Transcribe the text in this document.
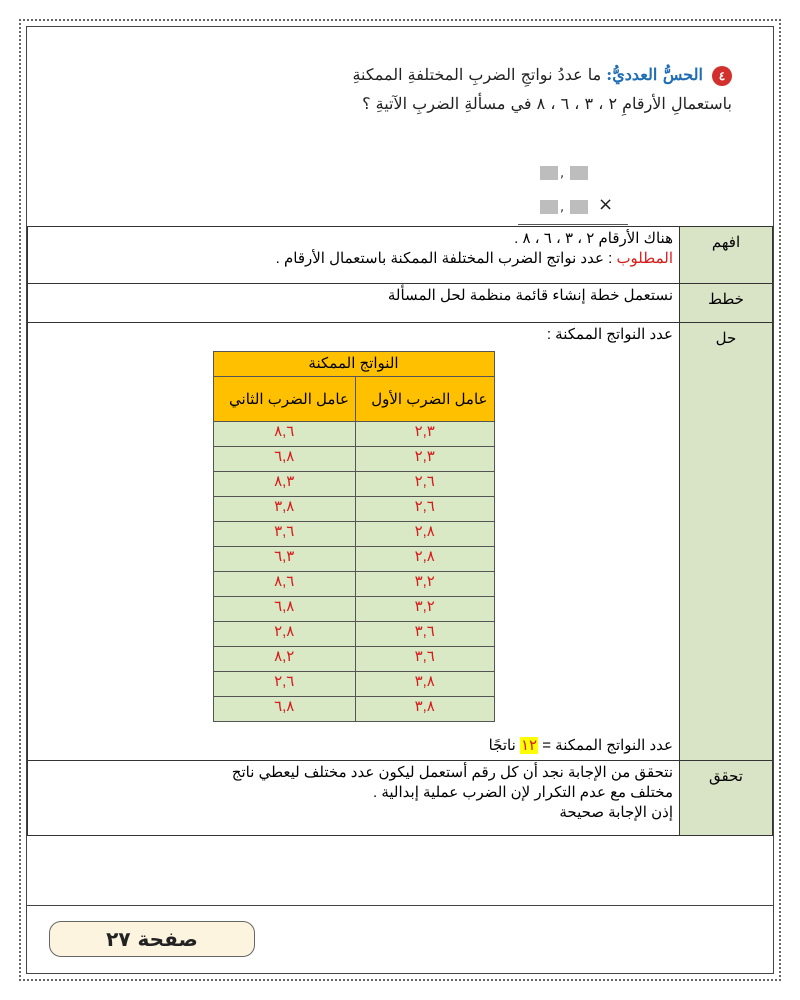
٤ الحسُّ العدديُّ: ما عددُ نواتجِ الضربِ المختلفةِ الممكنةِ باستعمالِ الأرقامِ ٢ ، ٣ ، ٦ ، ٨ في مسألةِ الضربِ الآتيةِ ؟
,
, ×
افهم	
هناك الأرقام ٢ ، ٣ ، ٦ ، ٨ .
المطلوب : عدد نواتج الضرب المختلفة الممكنة باستعمال الأرقام .

خطط	نستعمل خطة إنشاء قائمة منظمة لحل المسألة
حل	
عدد النواتج الممكنة :
النواتج الممكنة
عامل الضرب الأول	عامل الضرب الثاني
٢,٣	٨,٦
٢,٣	٦,٨
٢,٦	٨,٣
٢,٦	٣,٨
٢,٨	٣,٦
٢,٨	٦,٣
٣,٢	٨,٦
٣,٢	٦,٨
٣,٦	٢,٨
٣,٦	٨,٢
٣,٨	٢,٦
٣,٨	٦,٨
عدد النواتج الممكنة = ١٢ ناتجًا

تحقق	
نتحقق من الإجابة نجد أن كل رقم أستعمل ليكون عدد مختلف ليعطي ناتج
مختلف مع عدم التكرار لإن الضرب عملية إبدالية .
إذن الإجابة صحيحة
صفحة ٢٧
